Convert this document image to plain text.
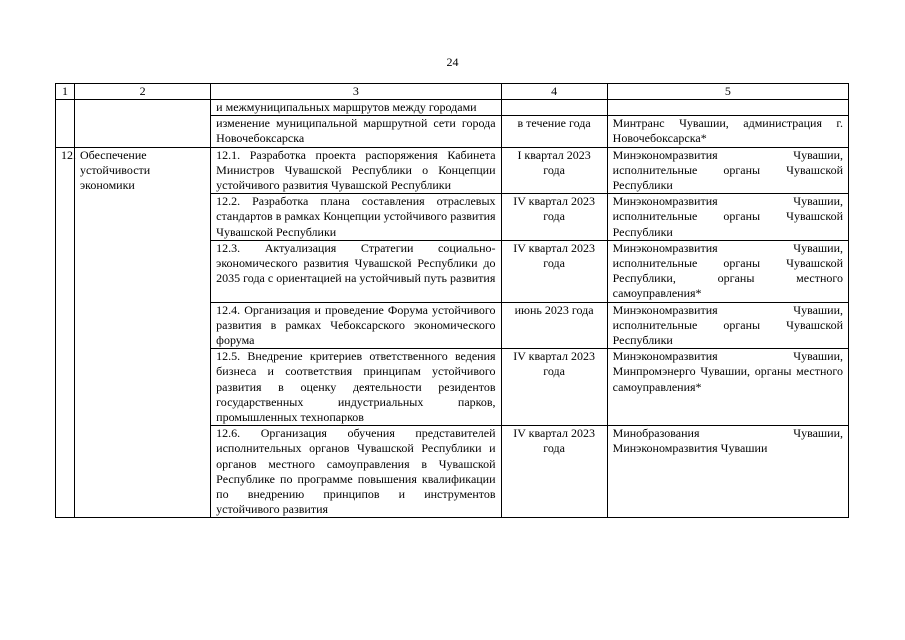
24
1	2	3	4	5

		и межмуниципальных маршрутов между городами		

		изменение муниципальной маршрутной сети города Новочебоксарска	в течение года	Минтранс Чувашии, администрация г. Новочебоксарска*

12.	Обеспечение устойчивости экономики	12.1. Разработка проекта распоряжения Кабинета Министров Чувашской Республики о Концепции устойчивого развития Чувашской Республики	I квартал 2023 года	Минэкономразвития Чувашии, исполнительные органы Чувашской Республики

		12.2. Разработка плана составления отраслевых стандартов в рамках Концепции устойчивого развития Чувашской Республики	IV квартал 2023 года	Минэкономразвития Чувашии, исполнительные органы Чувашской Республики

		12.3. Актуализация Стратегии социально-экономического развития Чувашской Республики до 2035 года с ориентацией на устойчивый путь развития	IV квартал 2023 года	Минэкономразвития Чувашии, исполнительные органы Чувашской Республики, органы местного самоуправления*

		12.4. Организация и проведение Форума устойчивого развития в рамках Чебоксарского экономического форума	июнь 2023 года	Минэкономразвития Чувашии, исполнительные органы Чувашской Республики

		12.5. Внедрение критериев ответственного ведения бизнеса и соответствия принципам устойчивого развития в оценку деятельности резидентов государственных индустриальных парков, промышленных технопарков	IV квартал 2023 года	Минэкономразвития Чувашии, Минпромэнерго Чувашии, органы местного самоуправления*

		12.6. Организация обучения представителей исполнительных органов Чувашской Республики и органов местного самоуправления в Чувашской Республике по программе повышения квалификации по внедрению принципов и инструментов устойчивого развития	IV квартал 2023 года	Минобразования Чувашии, Минэкономразвития Чувашии
